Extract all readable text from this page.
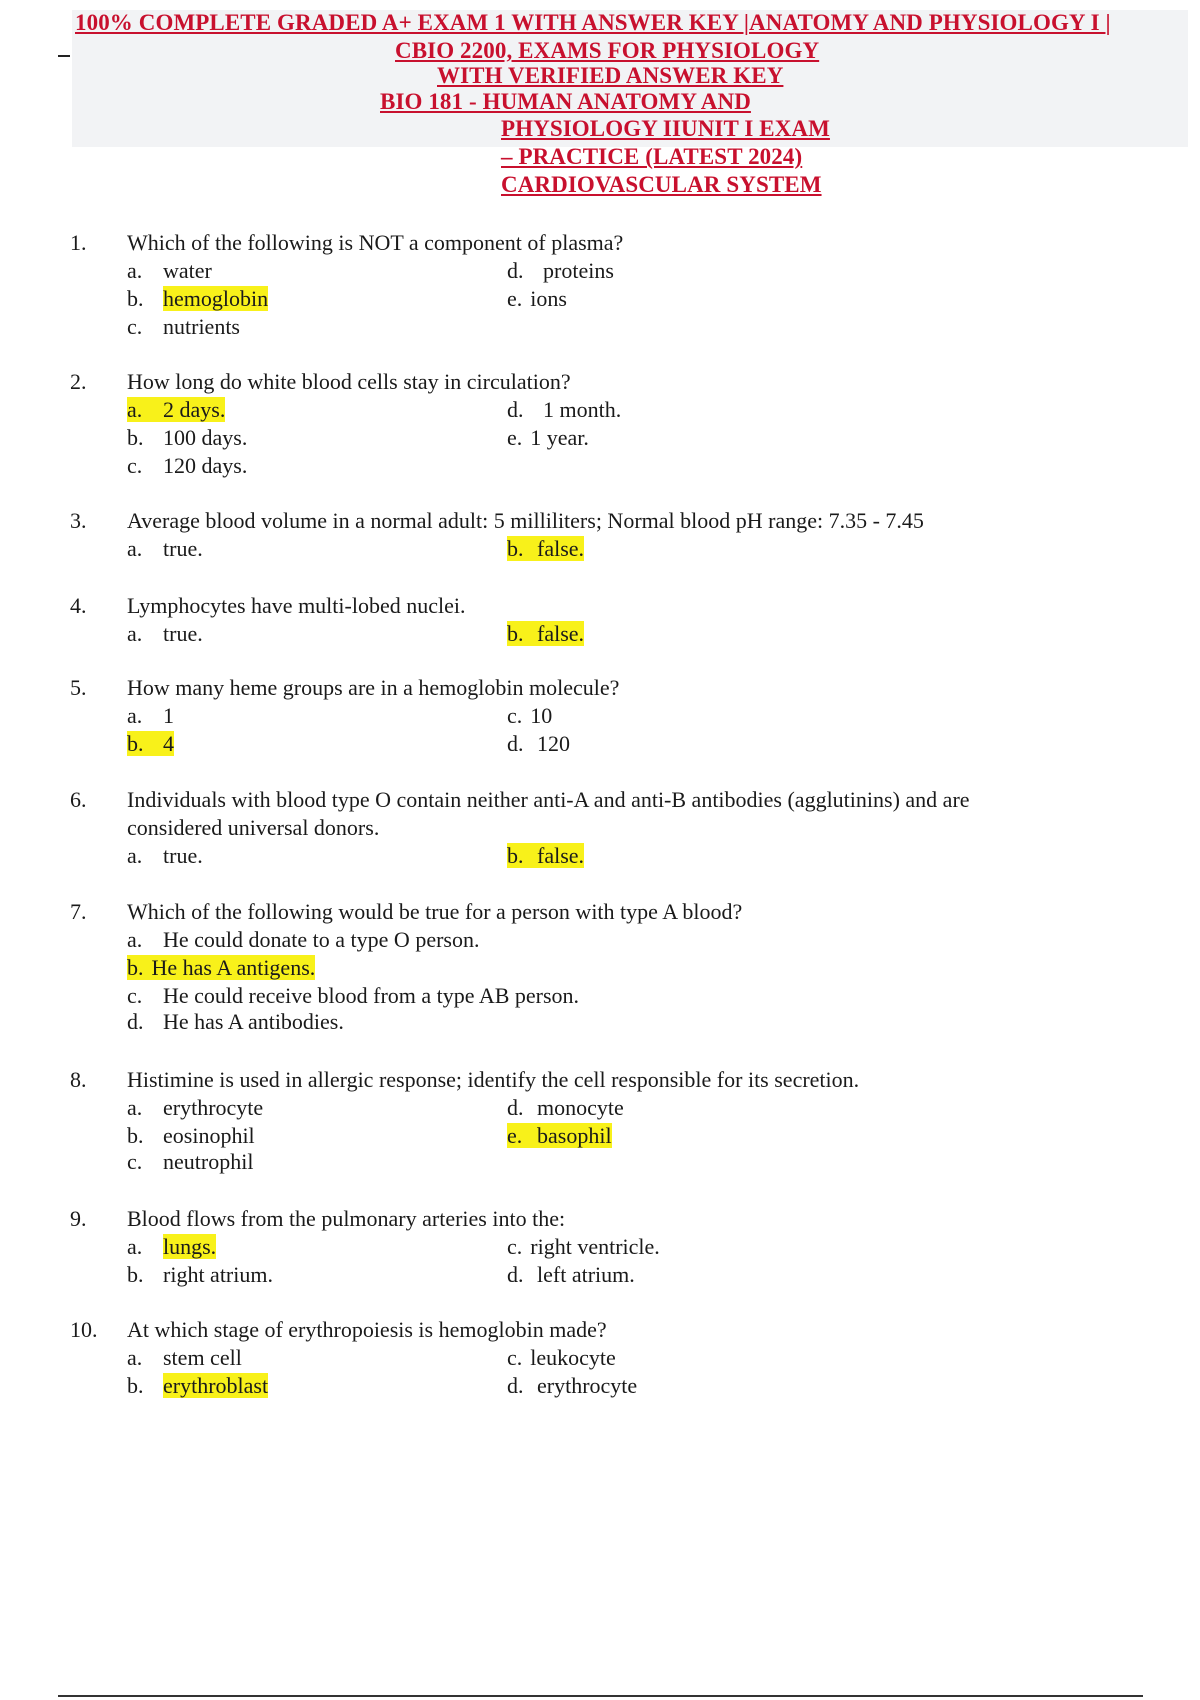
100% COMPLETE GRADED A+ EXAM 1 WITH ANSWER KEY |ANATOMY AND PHYSIOLOGY I |

CBIO 2200, EXAMS FOR PHYSIOLOGY

WITH VERIFIED ANSWER KEY

BIO 181 - HUMAN ANATOMY AND

PHYSIOLOGY IIUNIT I EXAM

– PRACTICE (LATEST 2024)

CARDIOVASCULAR SYSTEM

1. Which of the following is NOT a component of plasma?
a. water
b. hemoglobin
c. nutrients
d. proteins
e. ions
2. How long do white blood cells stay in circulation?
a. 2 days.
b. 100 days.
c. 120 days.
d. 1 month.
e. 1 year.
3. Average blood volume in a normal adult: 5 milliliters; Normal blood pH range: 7.35 - 7.45
a. true.	b. false.
4. Lymphocytes have multi-lobed nuclei.
a. true.	b. false.
5. How many heme groups are in a hemoglobin molecule?
a. 1
b. 4
c. 10
d. 120
6. Individuals with blood type O contain neither anti-A and anti-B antibodies (agglutinins) and are
considered universal donors.
a. true.	b. false.
7. Which of the following would be true for a person with type A blood?
a. He could donate to a type O person.
b. He has A antigens.
c. He could receive blood from a type AB person.
d. He has A antibodies.
8. Histimine is used in allergic response; identify the cell responsible for its secretion.
a. erythrocyte
b. eosinophil
c. neutrophil
d. monocyte
e. basophil
9. Blood flows from the pulmonary arteries into the:
a. lungs.
b. right atrium.
c. right ventricle.
d. left atrium.
10. At which stage of erythropoiesis is hemoglobin made?
a. stem cell
b. erythroblast
c. leukocyte
d. erythrocyte
